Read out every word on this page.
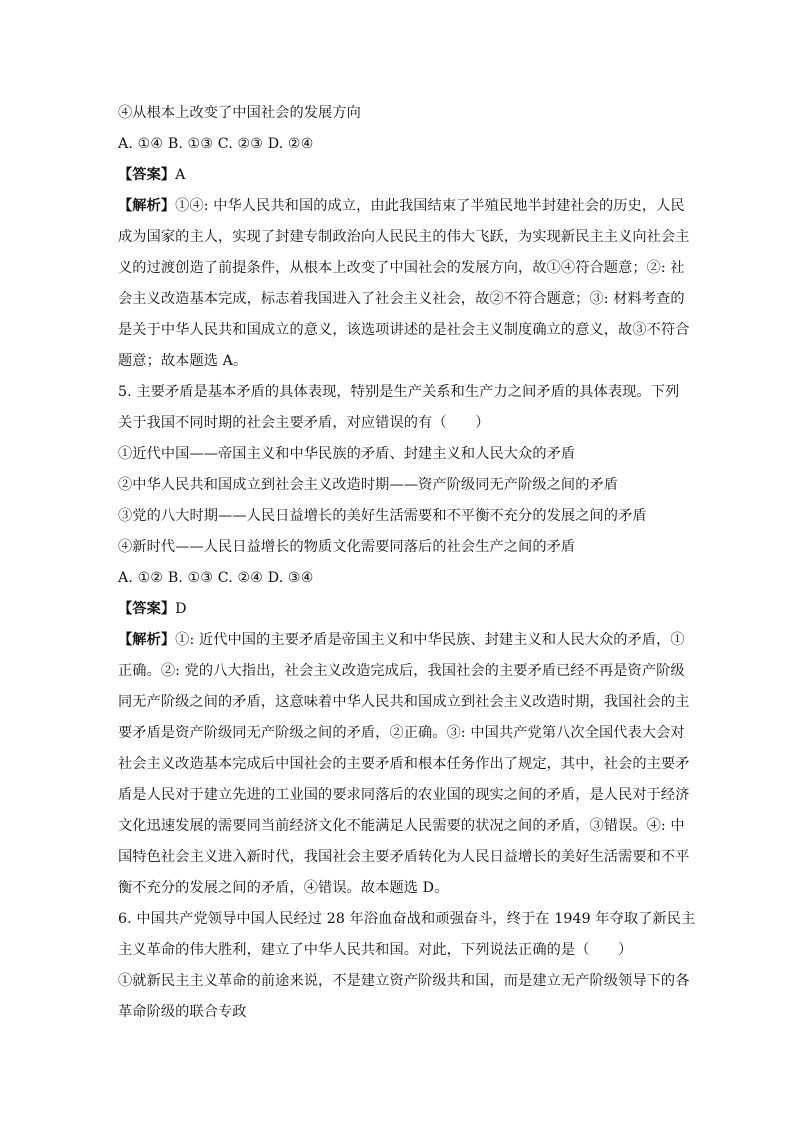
④从根本上改变了中国社会的发展方向
A. ①④ B. ①③ C. ②③ D. ②④
【答案】A
【解析】①④: 中华人民共和国的成立，由此我国结束了半殖民地半封建社会的历史，人民
成为国家的主人，实现了封建专制政治向人民民主的伟大飞跃，为实现新民主主义向社会主
义的过渡创造了前提条件，从根本上改变了中国社会的发展方向，故①④符合题意；②: 社
会主义改造基本完成，标志着我国进入了社会主义社会，故②不符合题意；③: 材料考查的
是关于中华人民共和国成立的意义，该选项讲述的是社会主义制度确立的意义，故③不符合
题意；故本题选 A。
5. 主要矛盾是基本矛盾的具体表现，特别是生产关系和生产力之间矛盾的具体表现。下列
关于我国不同时期的社会主要矛盾，对应错误的有（　　）
①近代中国——帝国主义和中华民族的矛盾、封建主义和人民大众的矛盾
②中华人民共和国成立到社会主义改造时期——资产阶级同无产阶级之间的矛盾
③党的八大时期——人民日益增长的美好生活需要和不平衡不充分的发展之间的矛盾
④新时代——人民日益增长的物质文化需要同落后的社会生产之间的矛盾
A. ①② B. ①③ C. ②④ D. ③④
【答案】D
【解析】①: 近代中国的主要矛盾是帝国主义和中华民族、封建主义和人民大众的矛盾，①
正确。②: 党的八大指出，社会主义改造完成后，我国社会的主要矛盾已经不再是资产阶级
同无产阶级之间的矛盾，这意味着中华人民共和国成立到社会主义改造时期，我国社会的主
要矛盾是资产阶级同无产阶级之间的矛盾，②正确。③: 中国共产党第八次全国代表大会对
社会主义改造基本完成后中国社会的主要矛盾和根本任务作出了规定，其中，社会的主要矛
盾是人民对于建立先进的工业国的要求同落后的农业国的现实之间的矛盾，是人民对于经济
文化迅速发展的需要同当前经济文化不能满足人民需要的状况之间的矛盾，③错误。④: 中
国特色社会主义进入新时代，我国社会主要矛盾转化为人民日益增长的美好生活需要和不平
衡不充分的发展之间的矛盾，④错误。故本题选 D。
6. 中国共产党领导中国人民经过 28 年浴血奋战和顽强奋斗，终于在 1949 年夺取了新民主
主义革命的伟大胜利，建立了中华人民共和国。对此，下列说法正确的是（　　）
①就新民主主义革命的前途来说，不是建立资产阶级共和国，而是建立无产阶级领导下的各
革命阶级的联合专政
